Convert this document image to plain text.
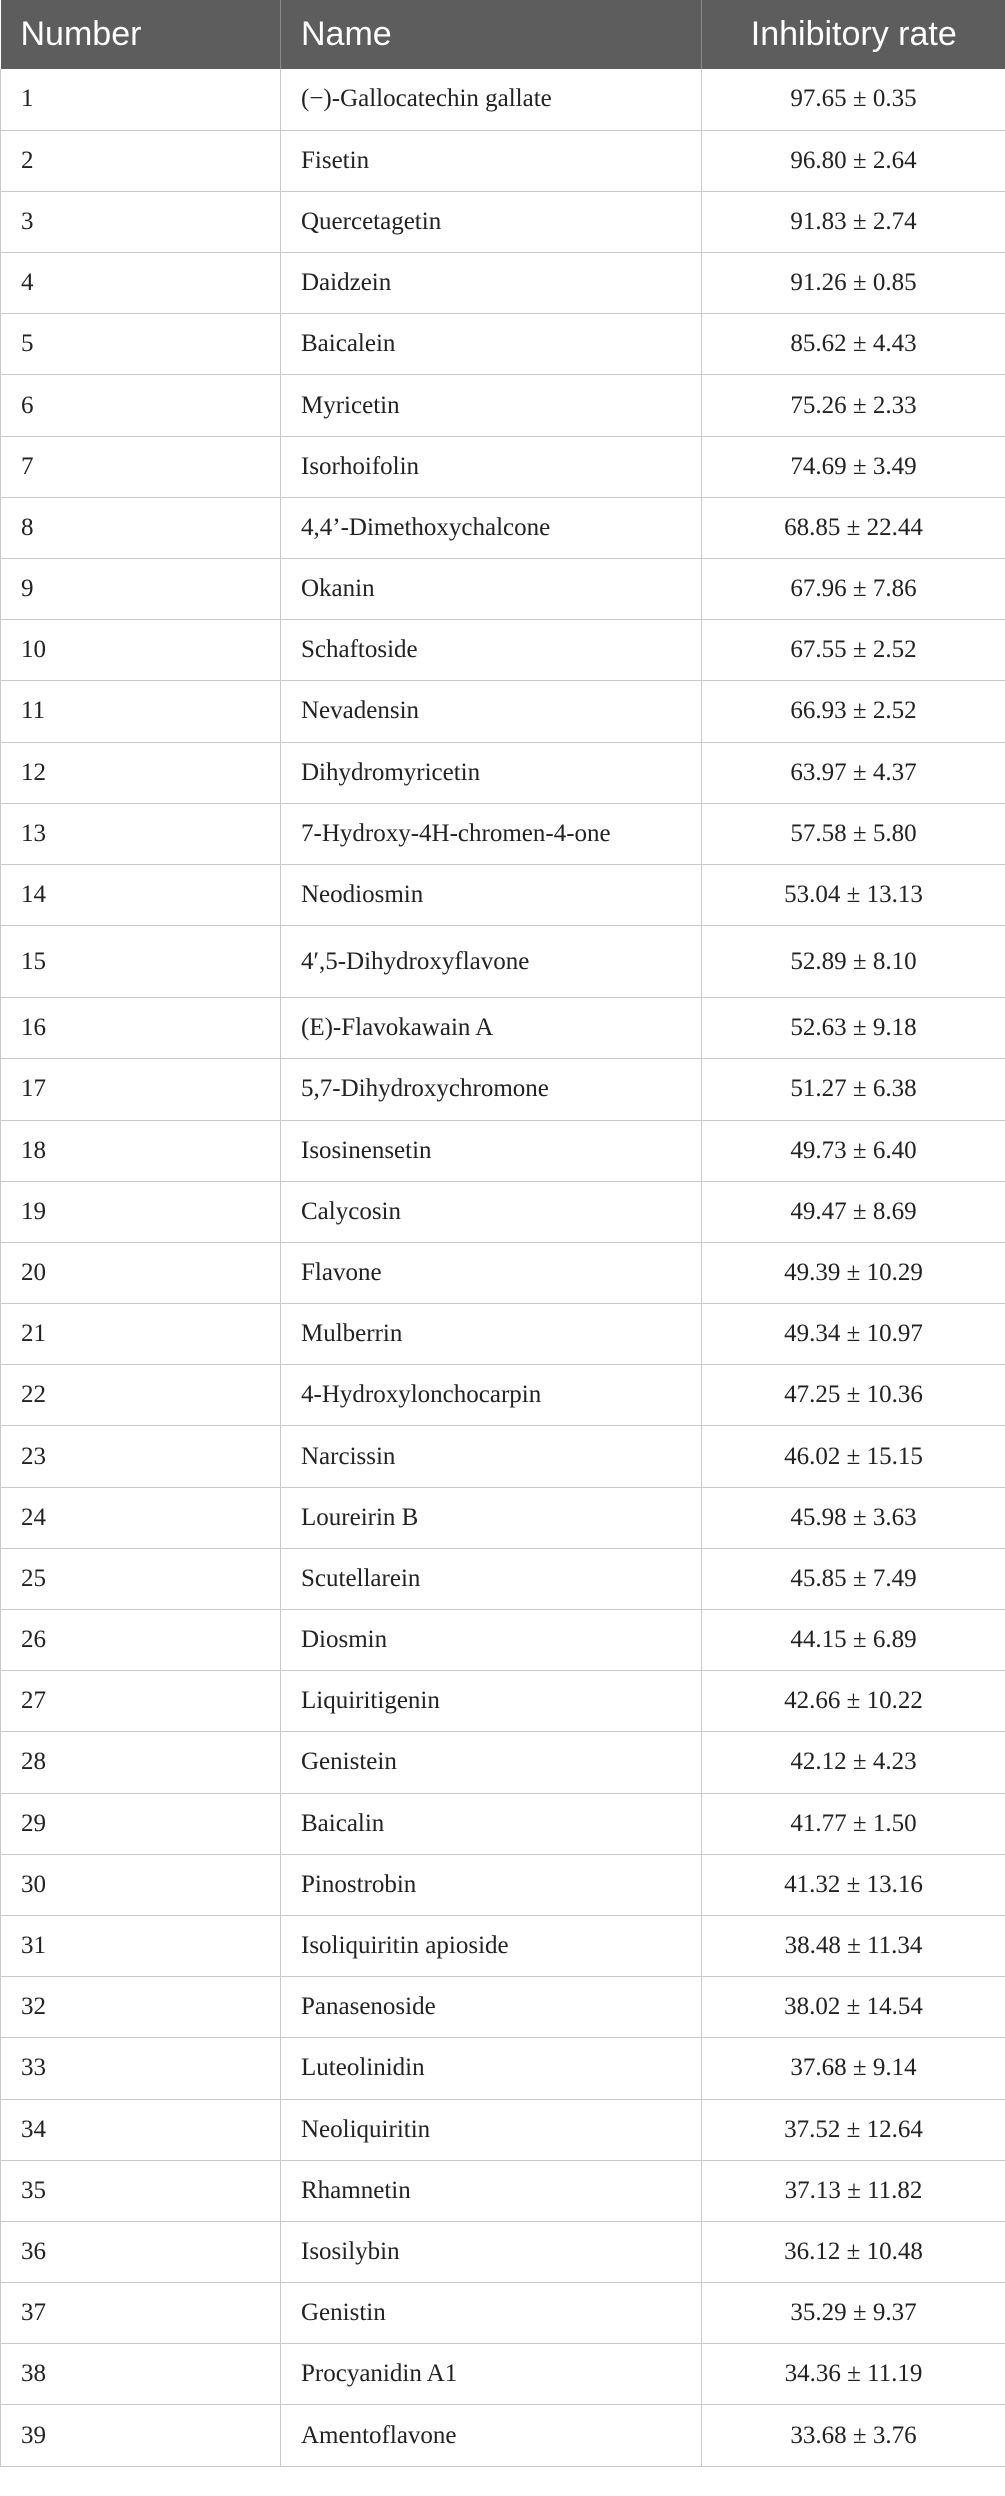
Number	Name	Inhibitory rate
1	(−)-Gallocatechin gallate	97.65 ± 0.35
2	Fisetin	96.80 ± 2.64
3	Quercetagetin	91.83 ± 2.74
4	Daidzein	91.26 ± 0.85
5	Baicalein	85.62 ± 4.43
6	Myricetin	75.26 ± 2.33
7	Isorhoifolin	74.69 ± 3.49
8	4,4’-Dimethoxychalcone	68.85 ± 22.44
9	Okanin	67.96 ± 7.86
10	Schaftoside	67.55 ± 2.52
11	Nevadensin	66.93 ± 2.52
12	Dihydromyricetin	63.97 ± 4.37
13	7-Hydroxy-4H-chromen-4-one	57.58 ± 5.80
14	Neodiosmin	53.04 ± 13.13
15	4′,5-Dihydroxyflavone	52.89 ± 8.10
16	(E)-Flavokawain A	52.63 ± 9.18
17	5,7-Dihydroxychromone	51.27 ± 6.38
18	Isosinensetin	49.73 ± 6.40
19	Calycosin	49.47 ± 8.69
20	Flavone	49.39 ± 10.29
21	Mulberrin	49.34 ± 10.97
22	4-Hydroxylonchocarpin	47.25 ± 10.36
23	Narcissin	46.02 ± 15.15
24	Loureirin B	45.98 ± 3.63
25	Scutellarein	45.85 ± 7.49
26	Diosmin	44.15 ± 6.89
27	Liquiritigenin	42.66 ± 10.22
28	Genistein	42.12 ± 4.23
29	Baicalin	41.77 ± 1.50
30	Pinostrobin	41.32 ± 13.16
31	Isoliquiritin apioside	38.48 ± 11.34
32	Panasenoside	38.02 ± 14.54
33	Luteolinidin	37.68 ± 9.14
34	Neoliquiritin	37.52 ± 12.64
35	Rhamnetin	37.13 ± 11.82
36	Isosilybin	36.12 ± 10.48
37	Genistin	35.29 ± 9.37
38	Procyanidin A1	34.36 ± 11.19
39	Amentoflavone	33.68 ± 3.76
